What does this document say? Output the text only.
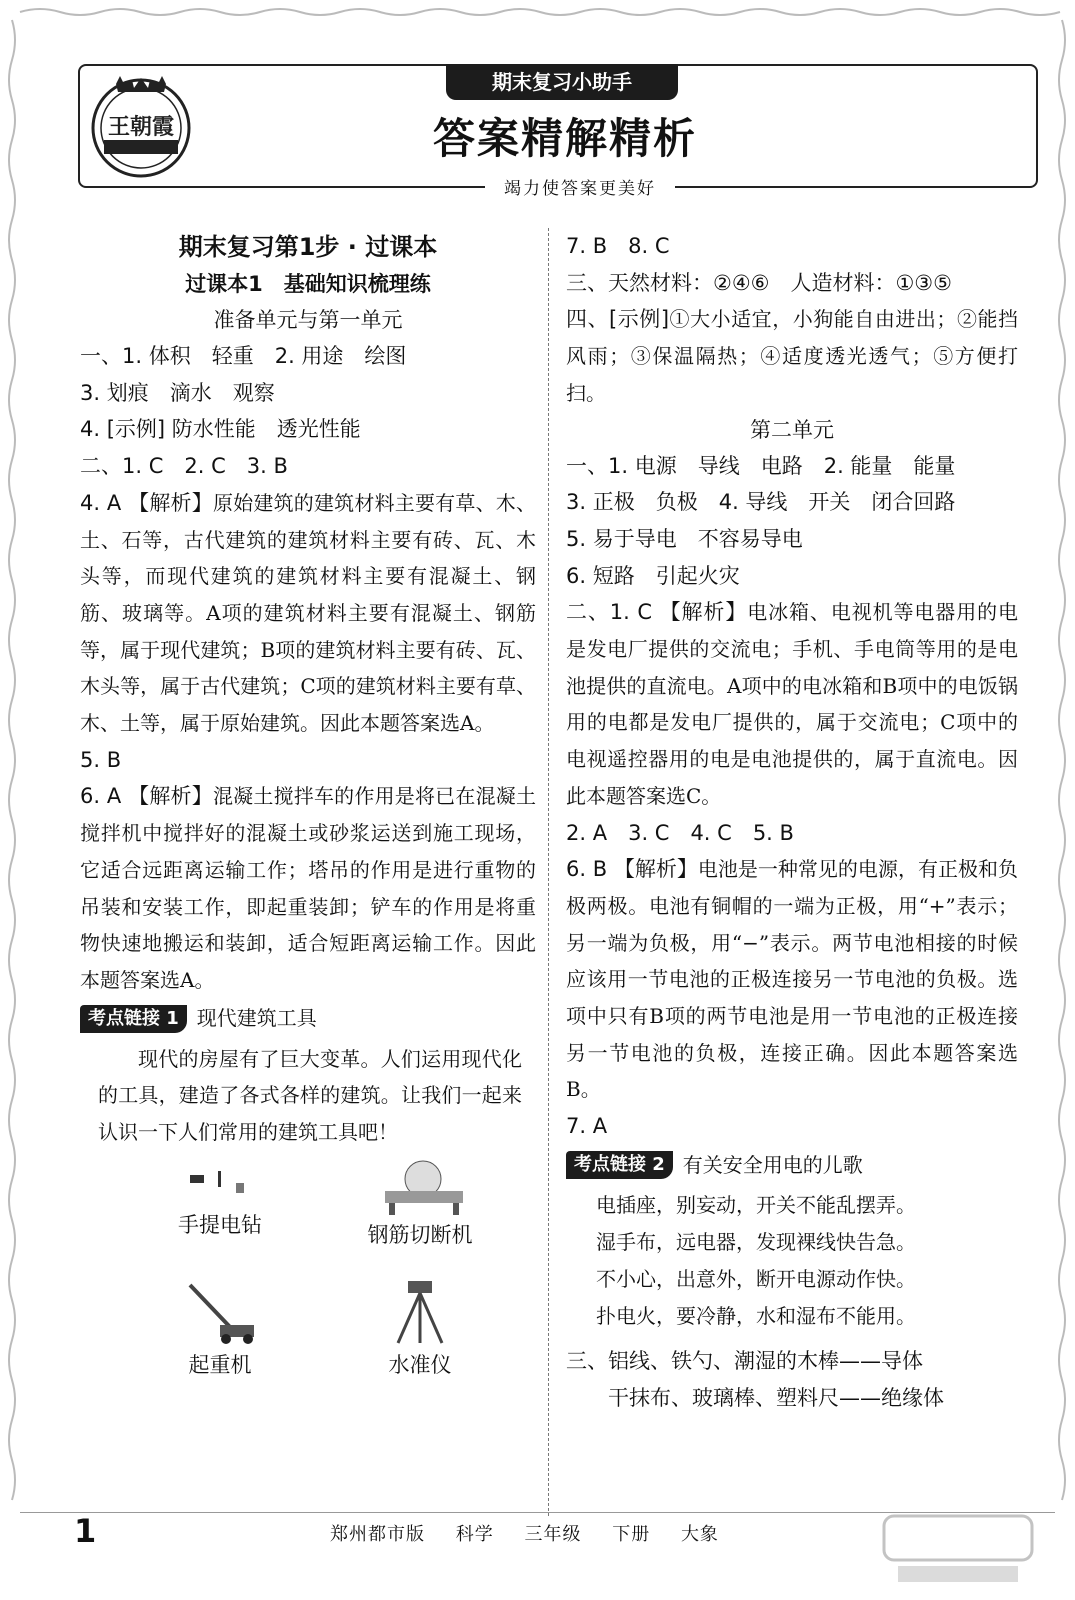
王朝霞
期末复习小助手
答案精解精析
竭力使答案更美好
期末复习第1步 · 过课本
过课本1　基础知识梳理练
准备单元与第一单元
一、1. 体积　轻重　2. 用途　绘图
3. 划痕　滴水　观察
4. [示例] 防水性能　透光性能
二、1. C　2. C　3. B
4. A 【解析】原始建筑的建筑材料主要有草、木、土、石等，古代建筑的建筑材料主要有砖、瓦、木头等，而现代建筑的建筑材料主要有混凝土、钢筋、玻璃等。A项的建筑材料主要有混凝土、钢筋等，属于现代建筑；B项的建筑材料主要有砖、瓦、木头等，属于古代建筑；C项的建筑材料主要有草、木、土等，属于原始建筑。因此本题答案选A。
5. B
6. A 【解析】混凝土搅拌车的作用是将已在混凝土搅拌机中搅拌好的混凝土或砂浆运送到施工现场，它适合远距离运输工作；塔吊的作用是进行重物的吊装和安装工作，即起重装卸；铲车的作用是将重物快速地搬运和装卸，适合短距离运输工作。因此本题答案选A。
考点链接 1 现代建筑工具
现代的房屋有了巨大变革。人们运用现代化的工具，建造了各式各样的建筑。让我们一起来认识一下人们常用的建筑工具吧！
手提电钻	钢筋切断机
起重机	水准仪
7. B　8. C
三、天然材料：②④⑥　人造材料：①③⑤
四、[示例]①大小适宜，小狗能自由进出；②能挡风雨；③保温隔热；④适度透光透气；⑤方便打扫。
第二单元
一、1. 电源　导线　电路　2. 能量　能量
3. 正极　负极　4. 导线　开关　闭合回路
5. 易于导电　不容易导电
6. 短路　引起火灾
二、1. C 【解析】电冰箱、电视机等电器用的电是发电厂提供的交流电；手机、手电筒等用的是电池提供的直流电。A项中的电冰箱和B项中的电饭锅用的电都是发电厂提供的，属于交流电；C项中的电视遥控器用的电是电池提供的，属于直流电。因此本题答案选C。
2. A　3. C　4. C　5. B
6. B 【解析】电池是一种常见的电源，有正极和负极两极。电池有铜帽的一端为正极，用“+”表示；另一端为负极，用“−”表示。两节电池相接的时候应该用一节电池的正极连接另一节电池的负极。选项中只有B项的两节电池是用一节电池的正极连接另一节电池的负极，连接正确。因此本题答案选B。
7. A
考点链接 2 有关安全用电的儿歌
电插座，别妄动，开关不能乱摆弄。
湿手布，远电器，发现裸线快告急。
不小心，出意外，断开电源动作快。
扑电火，要冷静，水和湿布不能用。
三、铝线、铁勺、潮湿的木棒——导体
干抹布、玻璃棒、塑料尺——绝缘体
1	郑州都市版 科学 三年级 下册 大象
